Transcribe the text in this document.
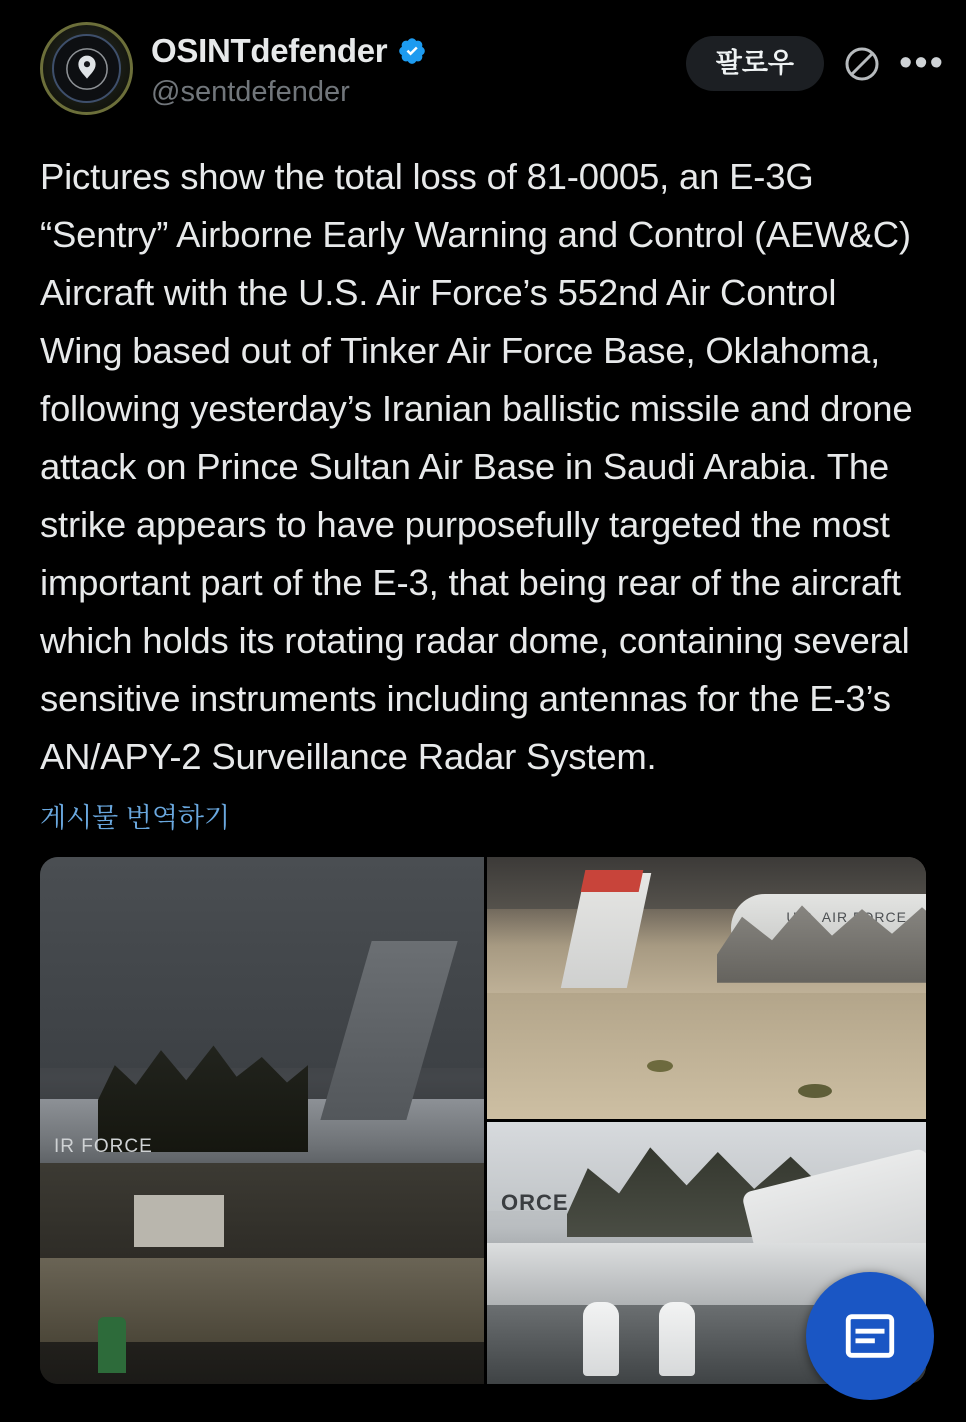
OSINTdefender
@sentdefender
팔로우	•••
Pictures show the total loss of 81-0005, an E-3G “Sentry” Airborne Early Warning and Control (AEW&C) Aircraft with the U.S. Air Force’s 552nd Air Control Wing based out of Tinker Air Force Base, Oklahoma, following yesterday’s Iranian ballistic missile and drone attack on Prince Sultan Air Base in Saudi Arabia. The strike appears to have purposefully targeted the most important part of the E-3, that being rear of the aircraft which holds its rotating radar dome, containing several sensitive instruments including antennas for the E-3’s AN/APY-2 Surveillance Radar System.
게시물 번역하기
IR FORCE
U.S. AIR FORCE
ORCE
